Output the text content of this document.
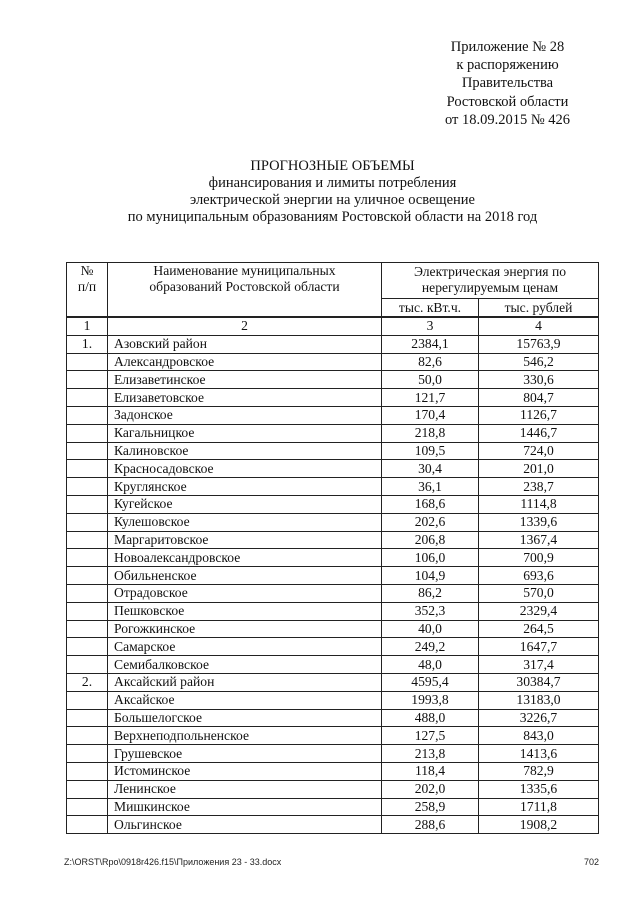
Приложение № 28
к распоряжению
Правительства
Ростовской области
от 18.09.2015 № 426
ПРОГНОЗНЫЕ ОБЪЕМЫ
финансирования и лимиты потребления
электрической энергии на уличное освещение
по муниципальным образованиям Ростовской области на 2018 год
№ п/п	Наименование муниципальных образований Ростовской области	Электрическая энергия по нерегулируемым ценам	
		тыс. кВт.ч.	тыс. рублей
1	2	3	4
1.	Азовский район	2384,1	15763,9
	Александровское	82,6	546,2
	Елизаветинское	50,0	330,6
	Елизаветовское	121,7	804,7
	Задонское	170,4	1126,7
	Кагальницкое	218,8	1446,7
	Калиновское	109,5	724,0
	Красносадовское	30,4	201,0
	Круглянское	36,1	238,7
	Кугейское	168,6	1114,8
	Кулешовское	202,6	1339,6
	Маргаритовское	206,8	1367,4
	Новоалександровское	106,0	700,9
	Обильненское	104,9	693,6
	Отрадовское	86,2	570,0
	Пешковское	352,3	2329,4
	Рогожкинское	40,0	264,5
	Самарское	249,2	1647,7
	Семибалковское	48,0	317,4
2.	Аксайский район	4595,4	30384,7
	Аксайское	1993,8	13183,0
	Большелогское	488,0	3226,7
	Верхнеподпольненское	127,5	843,0
	Грушевское	213,8	1413,6
	Истоминское	118,4	782,9
	Ленинское	202,0	1335,6
	Мишкинское	258,9	1711,8
	Ольгинское	288,6	1908,2
Z:\ORST\Rpo\0918r426.f15\Приложения 23 - 33.docx	702
